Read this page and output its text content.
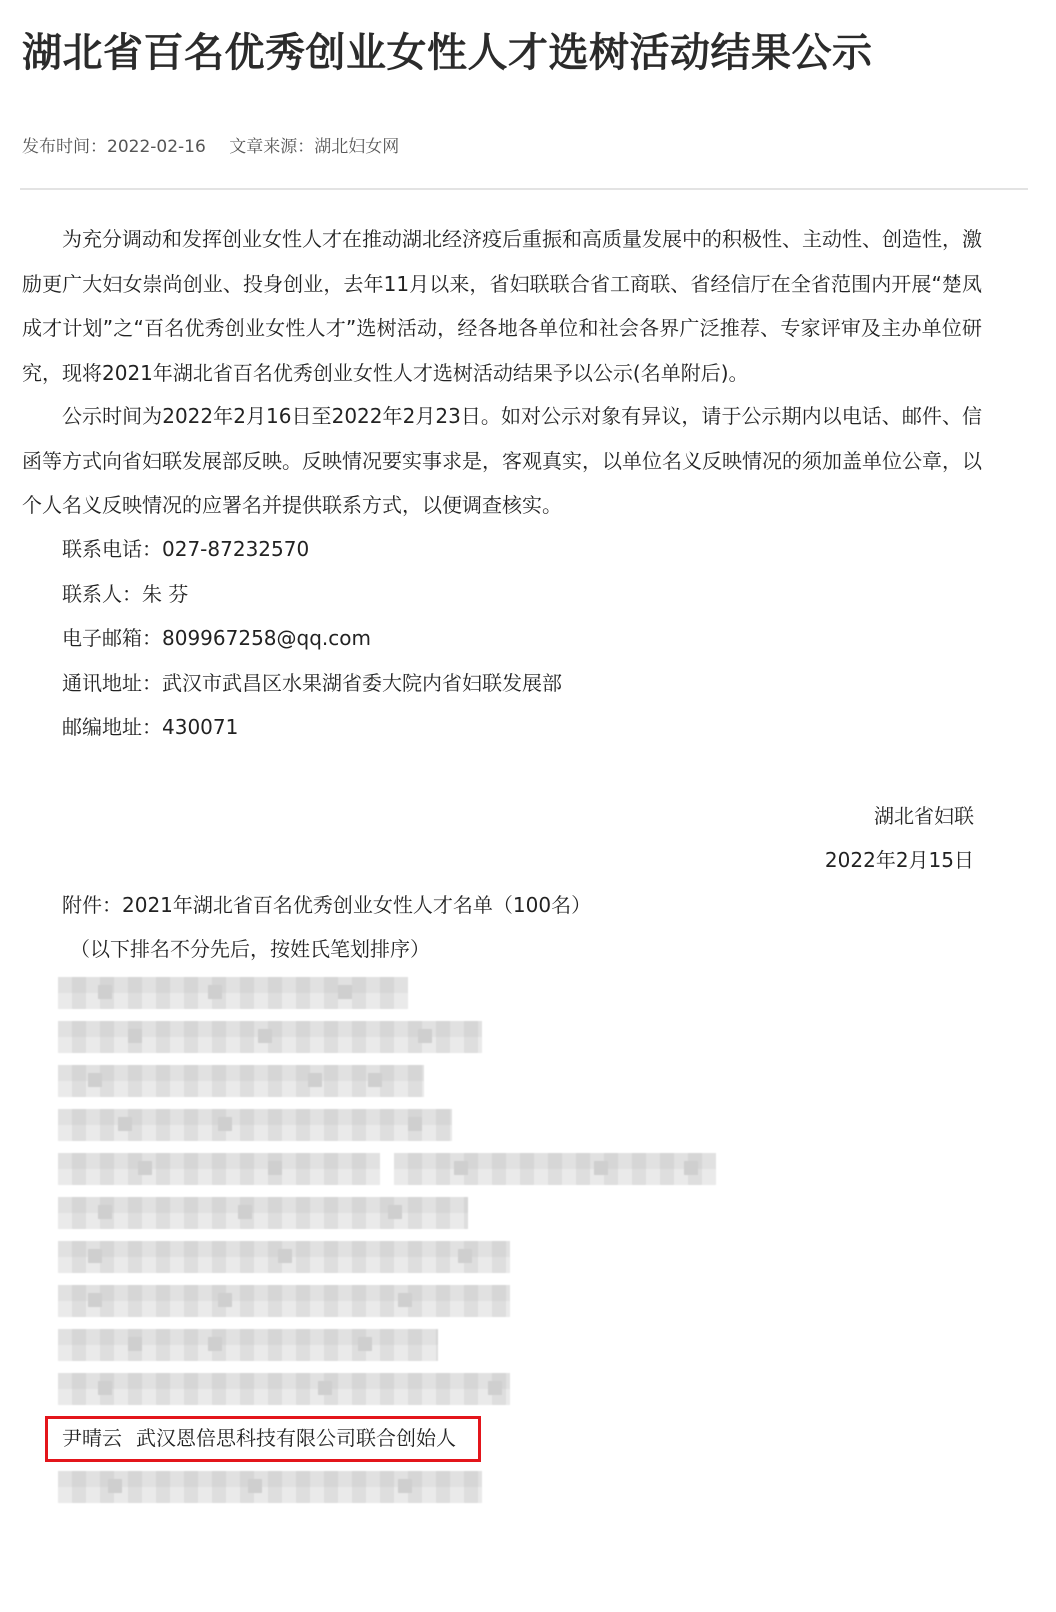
湖北省百名优秀创业女性人才选树活动结果公示
发布时间：2022-02-16 文章来源：湖北妇女网

为充分调动和发挥创业女性人才在推动湖北经济疫后重振和高质量发展中的积极性、主动性、创造性，激励更广大妇女崇尚创业、投身创业，去年11月以来，省妇联联合省工商联、省经信厅在全省范围内开展“楚凤成才计划”之“百名优秀创业女性人才”选树活动，经各地各单位和社会各界广泛推荐、专家评审及主办单位研究，现将2021年湖北省百名优秀创业女性人才选树活动结果予以公示(名单附后)。

公示时间为2022年2月16日至2022年2月23日。如对公示对象有异议，请于公示期内以电话、邮件、信函等方式向省妇联发展部反映。反映情况要实事求是，客观真实，以单位名义反映情况的须加盖单位公章，以个人名义反映情况的应署名并提供联系方式，以便调查核实。

联系电话：027-87232570
联系人：朱 芬
电子邮箱：809967258@qq.com
通讯地址：武汉市武昌区水果湖省委大院内省妇联发展部
邮编地址：430071
湖北省妇联
2022年2月15日
附件：2021年湖北省百名优秀创业女性人才名单（100名）
（以下排名不分先后，按姓氏笔划排序）
尹晴云 武汉恩倍思科技有限公司联合创始人
